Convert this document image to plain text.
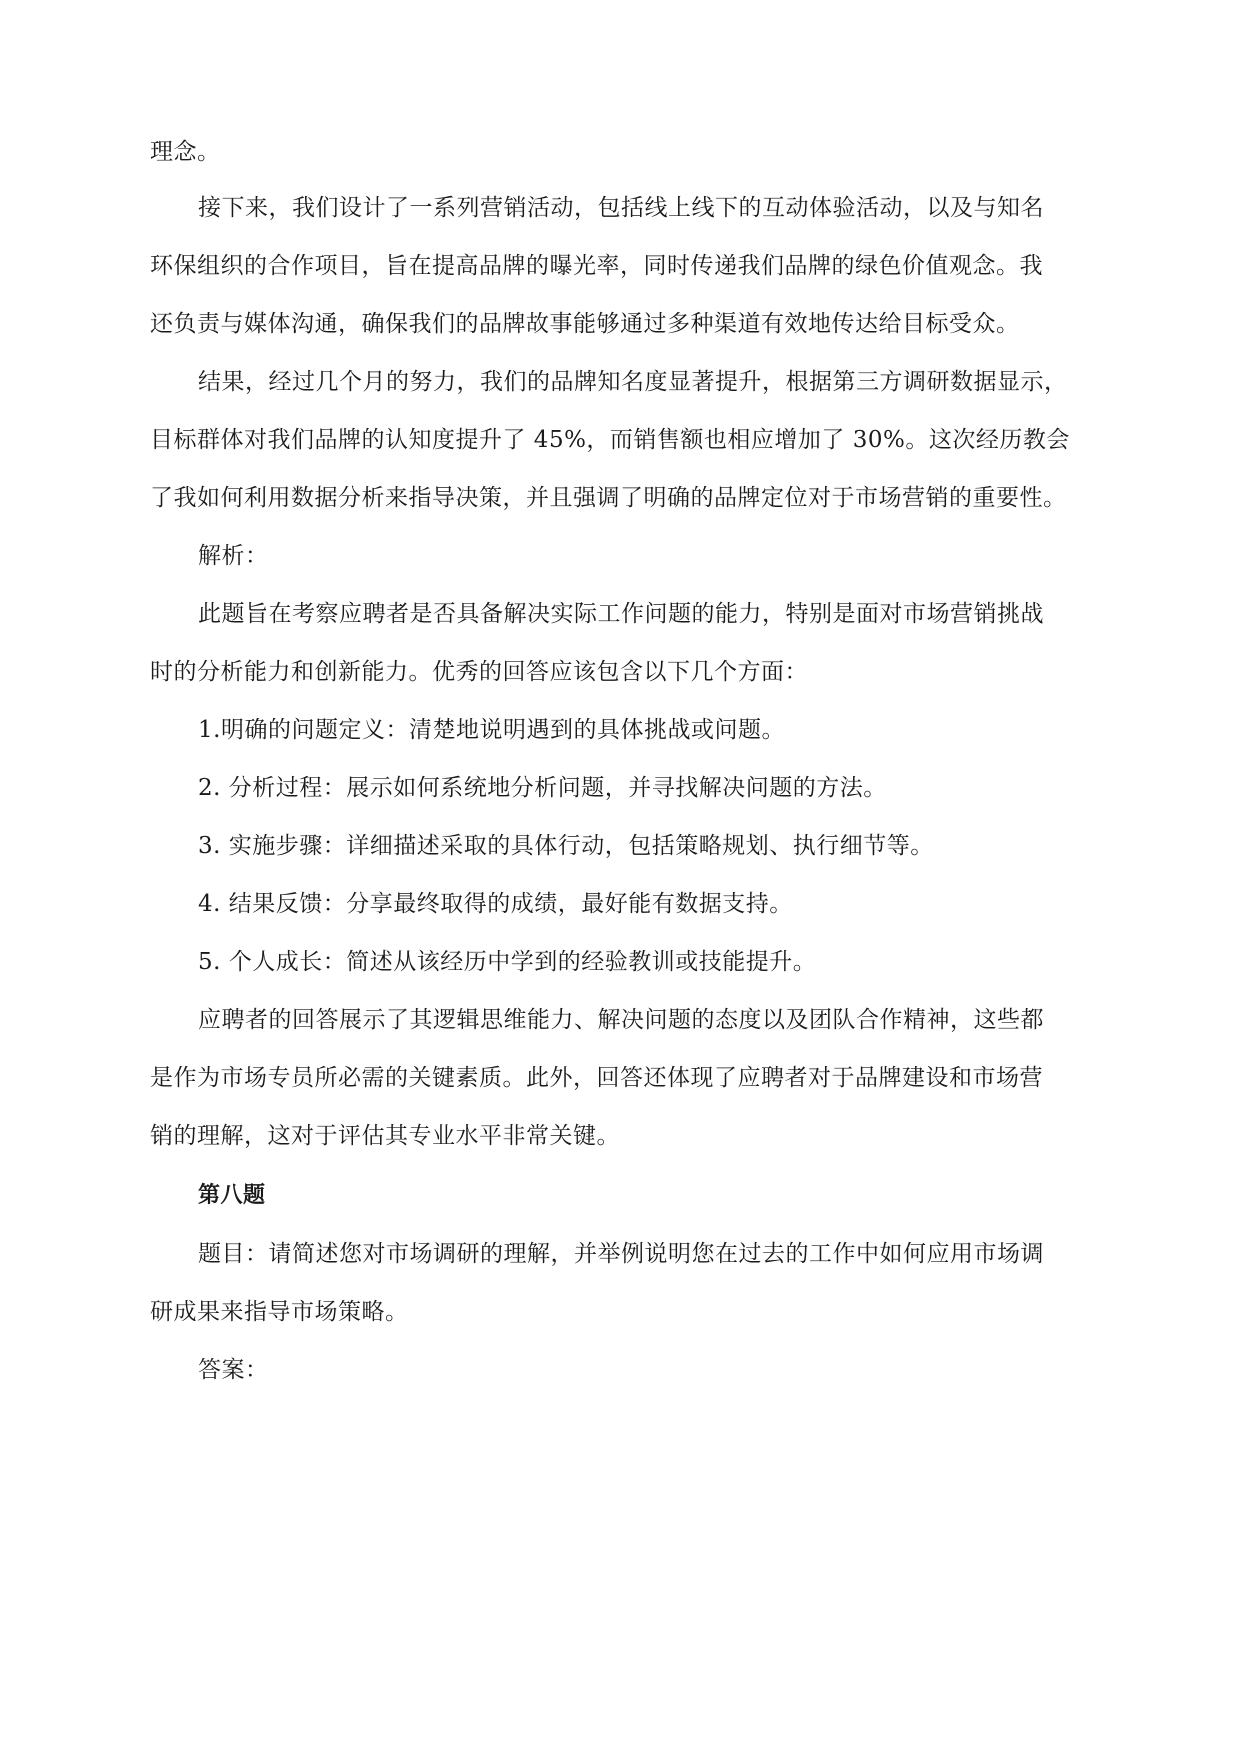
理念。
接下来，我们设计了一系列营销活动，包括线上线下的互动体验活动，以及与知名
环保组织的合作项目，旨在提高品牌的曝光率，同时传递我们品牌的绿色价值观念。我
还负责与媒体沟通，确保我们的品牌故事能够通过多种渠道有效地传达给目标受众。
结果，经过几个月的努力，我们的品牌知名度显著提升，根据第三方调研数据显示，
目标群体对我们品牌的认知度提升了 45%，而销售额也相应增加了 30%。这次经历教会
了我如何利用数据分析来指导决策，并且强调了明确的品牌定位对于市场营销的重要性。
解析：
此题旨在考察应聘者是否具备解决实际工作问题的能力，特别是面对市场营销挑战
时的分析能力和创新能力。优秀的回答应该包含以下几个方面：
1.明确的问题定义：清楚地说明遇到的具体挑战或问题。
2. 分析过程：展示如何系统地分析问题，并寻找解决问题的方法。
3. 实施步骤：详细描述采取的具体行动，包括策略规划、执行细节等。
4. 结果反馈：分享最终取得的成绩，最好能有数据支持。
5. 个人成长：简述从该经历中学到的经验教训或技能提升。
应聘者的回答展示了其逻辑思维能力、解决问题的态度以及团队合作精神，这些都
是作为市场专员所必需的关键素质。此外，回答还体现了应聘者对于品牌建设和市场营
销的理解，这对于评估其专业水平非常关键。
第八题
题目：请简述您对市场调研的理解，并举例说明您在过去的工作中如何应用市场调
研成果来指导市场策略。
答案：
